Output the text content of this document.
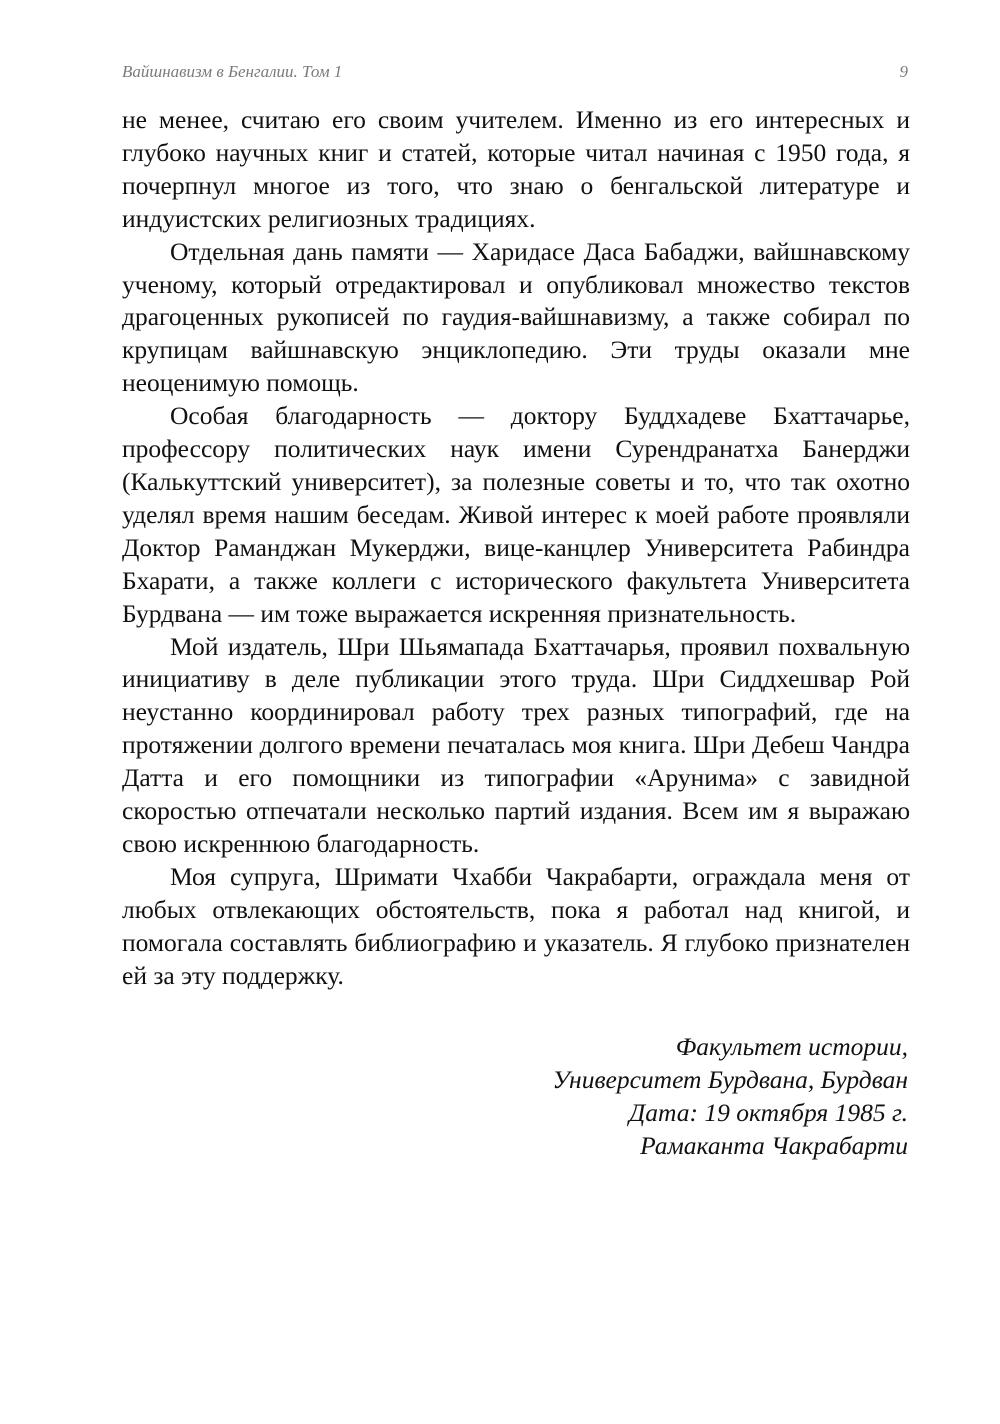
Вайшнавизм в Бенгалии. Том 1	9

не менее, считаю его своим учителем. Именно из его интересных и глубоко научных книг и статей, которые читал начиная с 1950 года, я почерпнул многое из того, что знаю о бенгальской литературе и индуистских религиозных традициях.

Отдельная дань памяти — Харидасе Даса Бабаджи, вайшнавскому ученому, который отредактировал и опубликовал множество текстов драгоценных рукописей по гаудия-вайшнавизму, а также собирал по крупицам вайшнавскую энциклопедию. Эти труды оказали мне неоценимую помощь.

Особая благодарность — доктору Буддхадеве Бхаттачарье, профессору политических наук имени Сурендранатха Банерджи (Калькуттский университет), за полезные советы и то, что так охотно уделял время нашим беседам. Живой интерес к моей работе проявляли Доктор Раманджан Мукерджи, вице-канцлер Университета Рабиндра Бхарати, а также коллеги с исторического факультета Университета Бурдвана — им тоже выражается искренняя признательность.

Мой издатель, Шри Шьямапада Бхаттачарья, проявил похвальную инициативу в деле публикации этого труда. Шри Сиддхешвар Рой неустанно координировал работу трех разных типографий, где на протяжении долгого времени печаталась моя книга. Шри Дебеш Чандра Датта и его помощники из типографии «Арунима» с завидной скоростью отпечатали несколько партий издания. Всем им я выражаю свою искреннюю благодарность.

Моя супруга, Шримати Чхабби Чакрабарти, ограждала меня от любых отвлекающих обстоятельств, пока я работал над книгой, и помогала составлять библиографию и указатель. Я глубоко признателен ей за эту поддержку.

Факультет истории,
Университет Бурдвана, Бурдван
Дата: 19 октября 1985 г.
Рамаканта Чакрабарти
